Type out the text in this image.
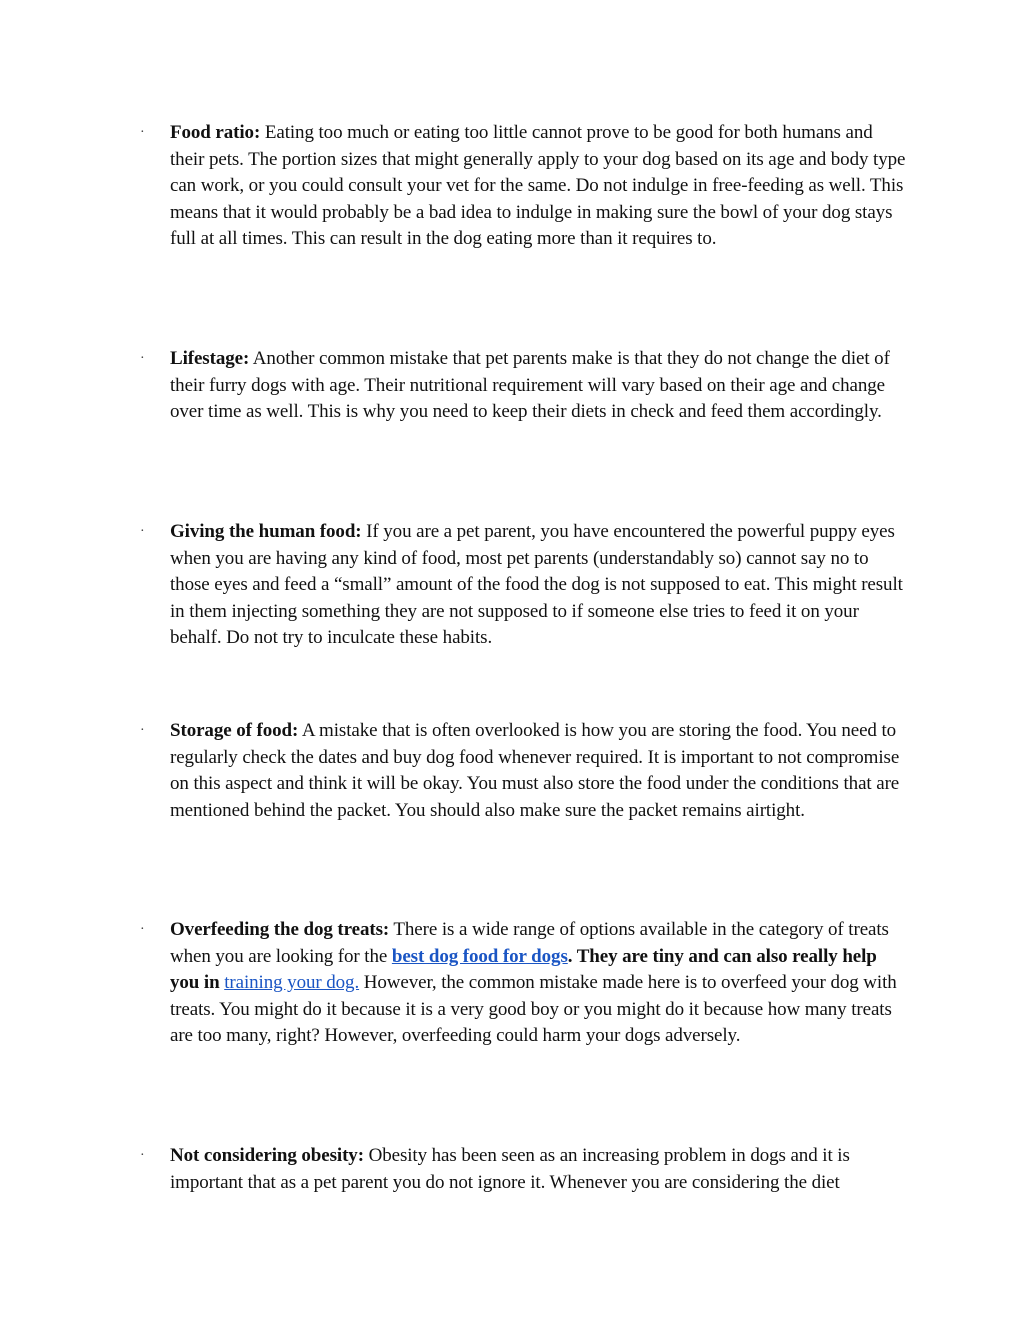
·	Food ratio: Eating too much or eating too little cannot prove to be good for both humans and their pets. The portion sizes that might generally apply to your dog based on its age and body type can work, or you could consult your vet for the same. Do not indulge in free-feeding as well. This means that it would probably be a bad idea to indulge in making sure the bowl of your dog stays full at all times. This can result in the dog eating more than it requires to.

·	Lifestage: Another common mistake that pet parents make is that they do not change the diet of their furry dogs with age. Their nutritional requirement will vary based on their age and change over time as well. This is why you need to keep their diets in check and feed them accordingly.

·	Giving the human food: If you are a pet parent, you have encountered the powerful puppy eyes when you are having any kind of food, most pet parents (understandably so) cannot say no to those eyes and feed a “small” amount of the food the dog is not supposed to eat. This might result in them injecting something they are not supposed to if someone else tries to feed it on your behalf. Do not try to inculcate these habits.

·	Storage of food: A mistake that is often overlooked is how you are storing the food. You need to regularly check the dates and buy dog food whenever required. It is important to not compromise on this aspect and think it will be okay. You must also store the food under the conditions that are mentioned behind the packet. You should also make sure the packet remains airtight.

·	Overfeeding the dog treats: There is a wide range of options available in the category of treats when you are looking for the best dog food for dogs. They are tiny and can also really help you in training your dog. However, the common mistake made here is to overfeed your dog with treats. You might do it because it is a very good boy or you might do it because how many treats are too many, right? However, overfeeding could harm your dogs adversely.

·	Not considering obesity: Obesity has been seen as an increasing problem in dogs and it is important that as a pet parent you do not ignore it. Whenever you are considering the diet
